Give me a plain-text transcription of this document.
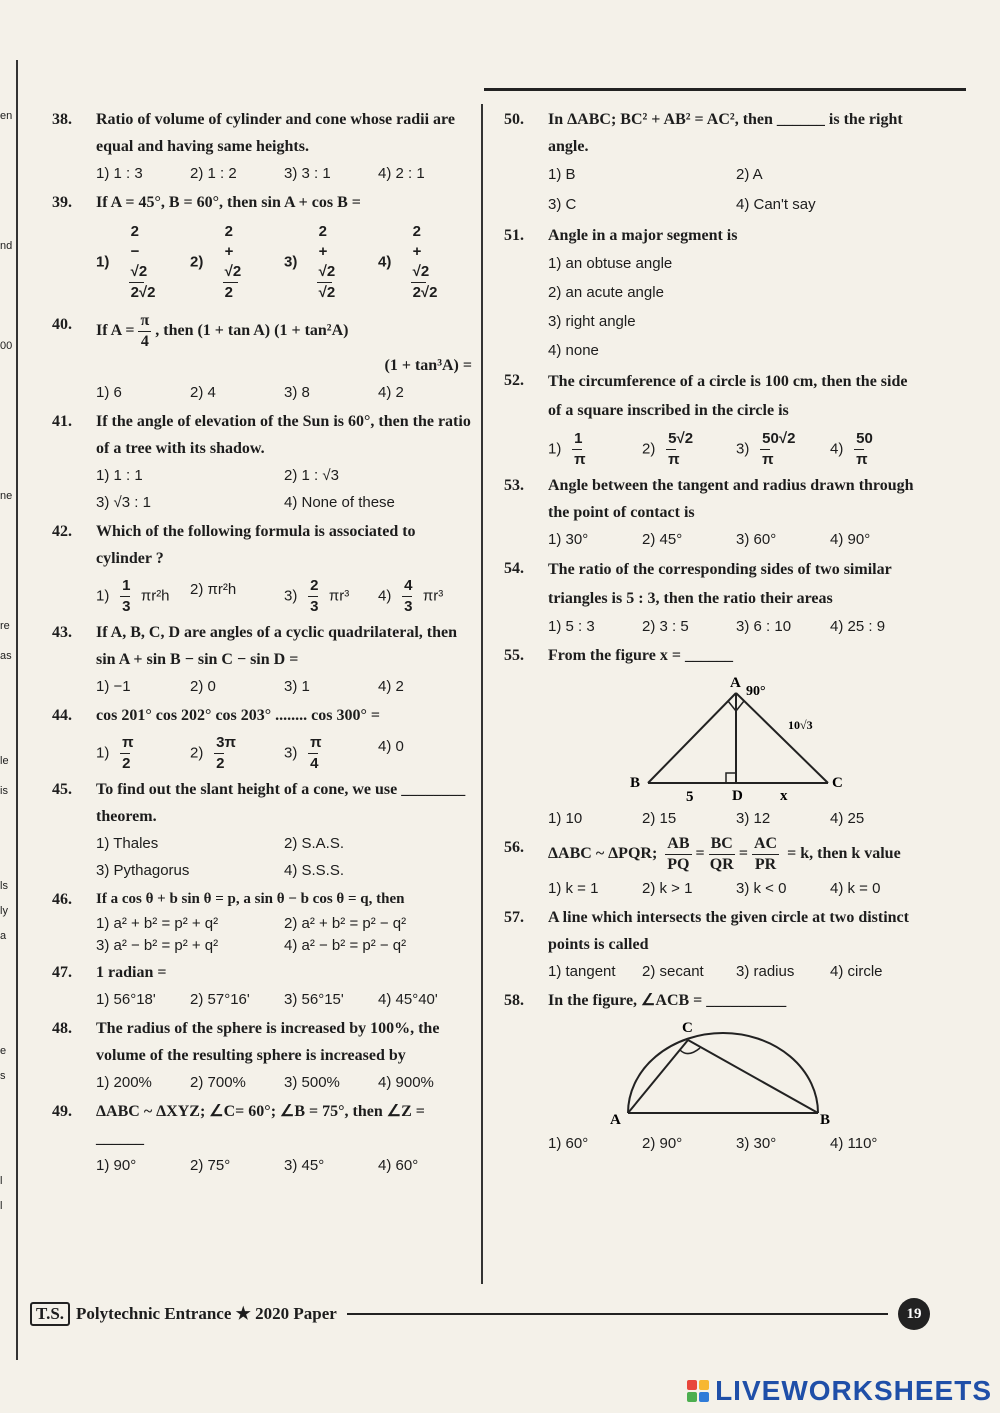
en
nd
00
ne
re
as
le
is
ls
ly
a
e
s
l
l
38.	Ratio of volume of cylinder and cone whose radii are equal and having same heights.
1) 1 : 3	2) 1 : 2	3) 3 : 1	4) 2 : 1
39.	If A = 45°, B = 60°, then sin A + cos B =
$1) \frac{2 - √2}{2√2} 2) \frac{2 + √2}{2} 3) \frac{2 + √2}{√2} 4) \frac{2 + √2}{2√2}$
40.	If $A = \frac{\pi}{4}$ , then (1 + tan A) (1 + tan²A)
(1 + tan³A) =
1) 6	2) 4	3) 8	4) 2
41.	If the angle of elevation of the Sun is 60°, then the ratio of a tree with its shadow.
1) 1 : 1	2) 1 : √3
3) √3 : 1	4) None of these
42.	Which of the following formula is associated to cylinder ?
$1) \frac{1}{3} \pi r^2h$	2) πr²h	$3) \frac{2}{3} \pi r^3$	$4) \frac{4}{3} \pi r^3$
43.	If A, B, C, D are angles of a cyclic quadrilateral, then
sin A + sin B − sin C − sin D =
1) −1	2) 0	3) 1	4) 2
44.	cos 201° cos 202° cos 203° ........ cos 300° =
$1) \frac{\pi}{2}$	$2) \frac{3\pi}{2}$	$3) \frac{\pi}{4}$	4) 0
45.	To find out the slant height of a cone, we use ________ theorem.
1) Thales	2) S.A.S.
3) Pythagorus	4) S.S.S.
46.	If a cos θ + b sin θ = p, a sin θ − b cos θ = q, then
1) a² + b² = p² + q²	2) a² + b² = p² − q²
3) a² − b² = p² + q²	4) a² − b² = p² − q²
47.	1 radian =
1) 56°18'	2) 57°16'	3) 56°15'	4) 45°40'
48.	The radius of the sphere is increased by 100%, the volume of the resulting sphere is increased by
1) 200%	2) 700%	3) 500%	4) 900%
49.	ΔABC ~ ΔXYZ; ∠C= 60°; ∠B = 75°, then ∠Z = ______
1) 90°	2) 75°	3) 45°	4) 60°
50.	In ΔABC; BC² + AB² = AC², then ______ is the right angle.
1) B	2) A
3) C	4) Can't say
51.	Angle in a major segment is
1) an obtuse angle
2) an acute angle
3) right angle
4) none
52.	The circumference of a circle is 100 cm, then the side of a square inscribed in the circle is
$1) \frac{1}{\pi}$	$2) \frac{5√2}{\pi}$	$3) \frac{50√2}{\pi}$	$4) \frac{50}{\pi}$
53.	Angle between the tangent and radius drawn through the point of contact is
1) 30°	2) 45°	3) 60°	4) 90°
54.	The ratio of the corresponding sides of two similar triangles is 5 : 3, then the ratio their areas
1) 5 : 3	2) 3 : 5	3) 6 : 10	4) 25 : 9
55.	From the figure x = ______
A
90°
10√3
B	C
D
5	x
1) 10	2) 15	3) 12	4) 25
56.	ΔABC ~ ΔPQR; $\frac{AB}{PQ} = \frac{BC}{QR} = \frac{AC}{PR} = k$, then k value
1) k = 1	2) k > 1	3) k < 0	4) k = 0
57.	A line which intersects the given circle at two distinct points is called
1) tangent	2) secant	3) radius	4) circle
58.	In the figure, ∠ACB = __________
C
A	B
1) 60°	2) 90°	3) 30°	4) 110°
T.S. Polytechnic Entrance ★ 2020 Paper	19
LIVEWORKSHEETS
